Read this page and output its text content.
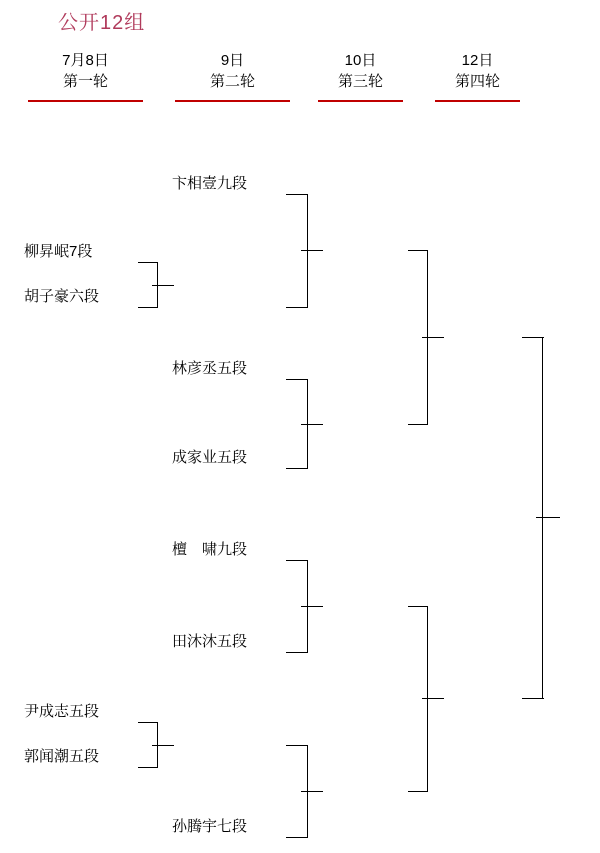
公开12组
7月8日
第一轮
9日
第二轮
10日
第三轮
12日
第四轮
卞相壹九段
柳昇岷7段
胡子豪六段
林彦丞五段
成家业五段
檀　啸九段
田沐沐五段
尹成志五段
郭闻潮五段
孙腾宇七段
